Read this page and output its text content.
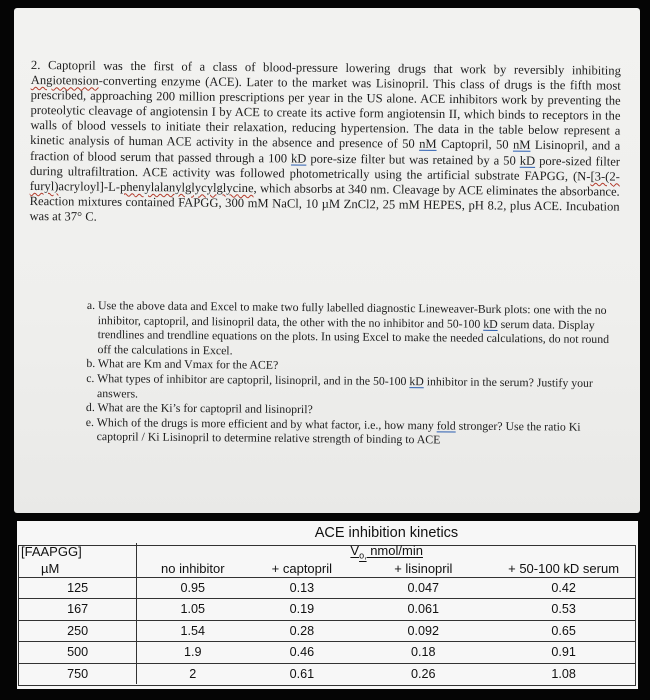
2. Captopril was the first of a class of blood-pressure lowering drugs that work by reversibly inhibiting Angiotension-converting enzyme (ACE). Later to the market was Lisinopril. This class of drugs is the fifth most prescribed, approaching 200 million prescriptions per year in the US alone. ACE inhibitors work by preventing the proteolytic cleavage of angiotensin I by ACE to create its active form angiotensin II, which binds to receptors in the walls of blood vessels to initiate their relaxation, reducing hypertension. The data in the table below represent a kinetic analysis of human ACE activity in the absence and presence of 50 nM Captopril, 50 nM Lisinopril, and a fraction of blood serum that passed through a 100 kD pore-size filter but was retained by a 50 kD pore-sized filter during ultrafiltration. ACE activity was followed photometrically using the artificial substrate FAPGG, (N-[3-(2- furyl)acryloyl]-L-phenylalanylglycylglycine, which absorbs at 340 nm. Cleavage by ACE eliminates the absorbance. Reaction mixtures contained FAPGG, 300 mM NaCl, 10 µM ZnCl2, 25 mM HEPES, pH 8.2, plus ACE. Incubation was at 37° C.

a. Use the above data and Excel to make two fully labelled diagnostic Lineweaver-Burk plots: one with the no inhibitor, captopril, and lisinopril data, the other with the no inhibitor and 50-100 kD serum data. Display trendlines and trendline equations on the plots. In using Excel to make the needed calculations, do not round off the calculations in Excel.

b. What are Km and Vmax for the ACE?

c. What types of inhibitor are captopril, lisinopril, and in the 50-100 kD inhibitor in the serum? Justify your answers.

d. What are the Ki’s for captopril and lisinopril?

e. Which of the drugs is more efficient and by what factor, i.e., how many fold stronger? Use the ratio Ki captopril / Ki Lisinopril to determine relative strength of binding to ACE

	ACE inhibition kinetics			
[FAAPGG]	$V_{o,}$ nmol/min			
µM	no inhibitor	+ captopril	+ lisinopril	+ 50-100 kD serum
125	0.95	0.13	0.047	0.42
167	1.05	0.19	0.061	0.53
250	1.54	0.28	0.092	0.65
500	1.9	0.46	0.18	0.91
750	2	0.61	0.26	1.08
